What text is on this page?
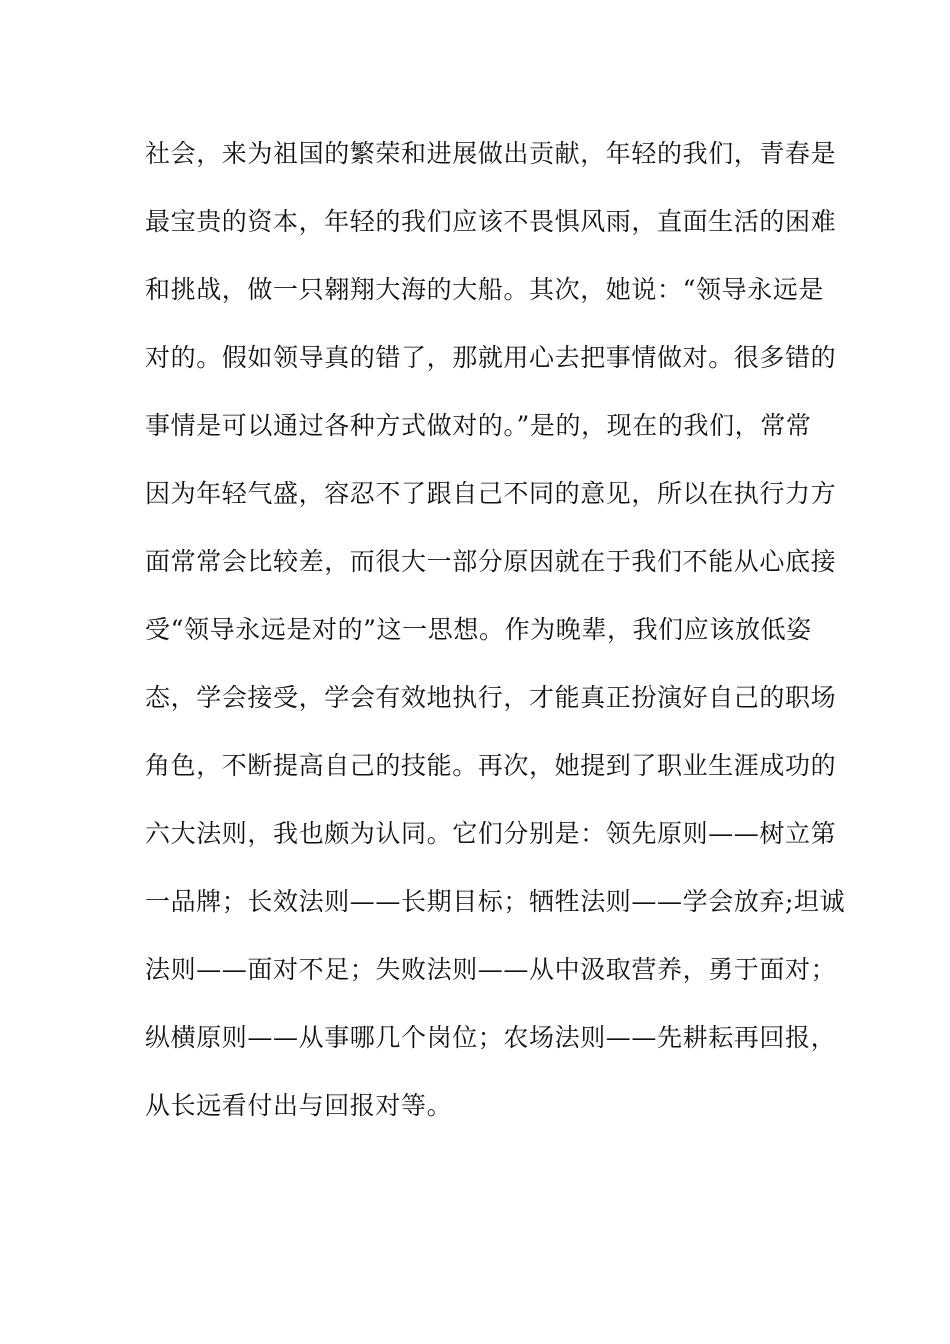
社会，来为祖国的繁荣和进展做出贡献，年轻的我们，青春是
最宝贵的资本，年轻的我们应该不畏惧风雨，直面生活的困难
和挑战，做一只翱翔大海的大船。其次，她说：“领导永远是
对的。假如领导真的错了，那就用心去把事情做对。很多错的
事情是可以通过各种方式做对的。”是的，现在的我们，常常
因为年轻气盛，容忍不了跟自己不同的意见，所以在执行力方
面常常会比较差，而很大一部分原因就在于我们不能从心底接
受“领导永远是对的”这一思想。作为晚辈，我们应该放低姿
态，学会接受，学会有效地执行，才能真正扮演好自己的职场
角色，不断提高自己的技能。再次，她提到了职业生涯成功的
六大法则，我也颇为认同。它们分别是：领先原则——树立第
一品牌；长效法则——长期目标；牺牲法则——学会放弃;坦诚
法则——面对不足；失败法则——从中汲取营养，勇于面对；
纵横原则——从事哪几个岗位；农场法则——先耕耘再回报，
从长远看付出与回报对等。
